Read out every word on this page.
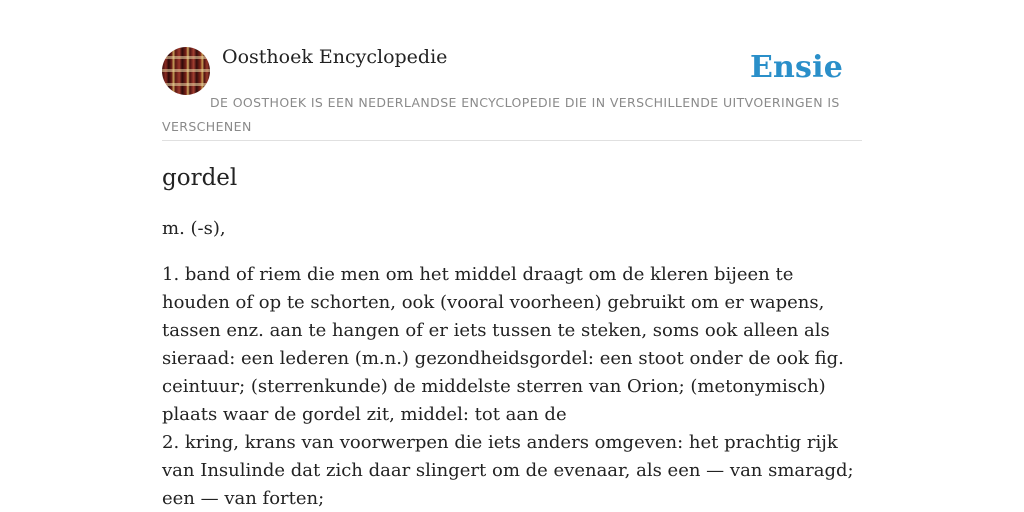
Oosthoek Encyclopedie	Ensie
DE OOSTHOEK IS EEN NEDERLANDSE ENCYCLOPEDIE DIE IN VERSCHILLENDE UITVOERINGEN IS VERSCHENEN
gordel

m. (-s),

1. band of riem die men om het middel draagt om de kleren bijeen te houden of op te schorten, ook (vooral voorheen) gebruikt om er wapens, tassen enz. aan te hangen of er iets tussen te steken, soms ook alleen als sieraad: een lederen (m.n.) gezondheidsgordel: een stoot onder de ook fig. ceintuur; (sterrenkunde) de middelste sterren van Orion; (metonymisch) plaats waar de gordel zit, middel: tot aan de

2. kring, krans van voorwerpen die iets anders omgeven: het prachtig rijk van Insulinde dat zich daar slingert om de evenaar, als een — van smaragd; een — van forten;
